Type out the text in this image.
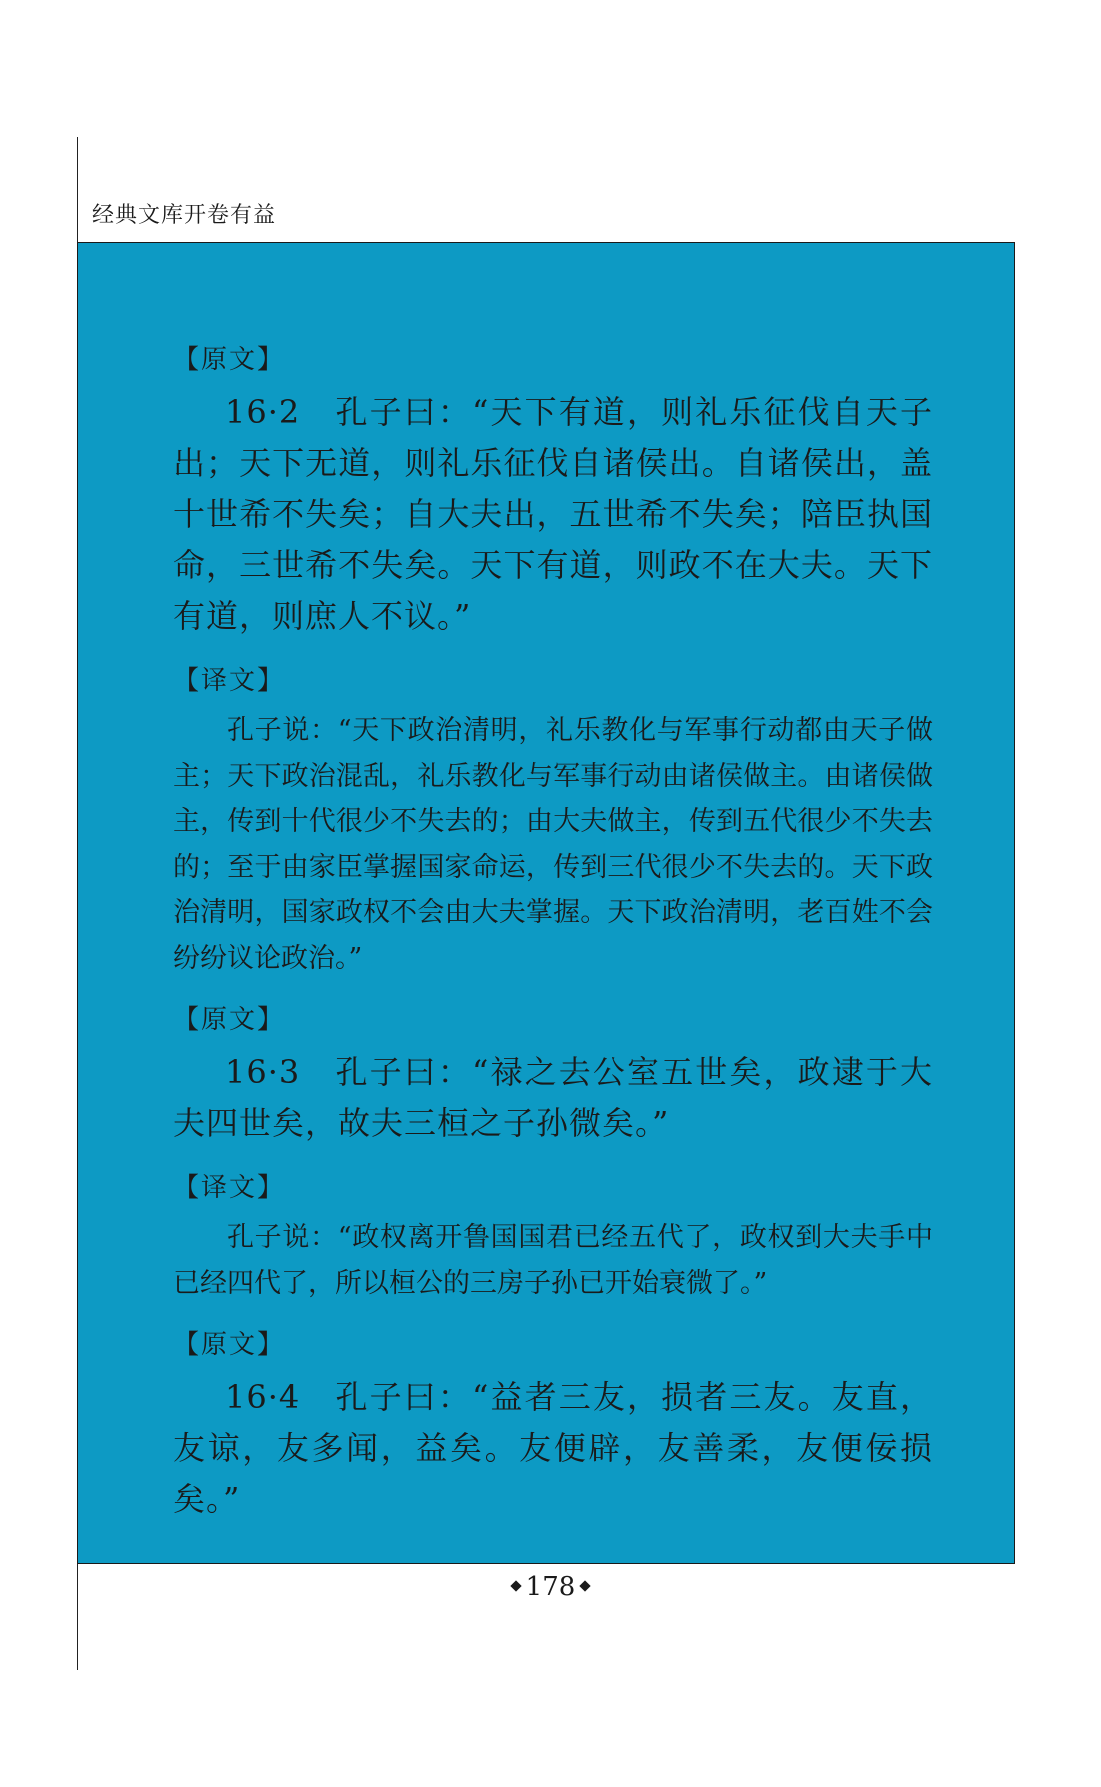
经典文库开卷有益

【原文】

16·2　孔子曰：“天下有道，则礼乐征伐自天子出；天下无道，则礼乐征伐自诸侯出。自诸侯出，盖十世希不失矣；自大夫出，五世希不失矣；陪臣执国命，三世希不失矣。天下有道，则政不在大夫。天下有道，则庶人不议。”

【译文】

孔子说：“天下政治清明，礼乐教化与军事行动都由天子做主；天下政治混乱，礼乐教化与军事行动由诸侯做主。由诸侯做主，传到十代很少不失去的；由大夫做主，传到五代很少不失去的；至于由家臣掌握国家命运，传到三代很少不失去的。天下政治清明，国家政权不会由大夫掌握。天下政治清明，老百姓不会纷纷议论政治。”

【原文】

16·3　孔子曰：“禄之去公室五世矣，政逮于大夫四世矣，故夫三桓之子孙微矣。”

【译文】

孔子说：“政权离开鲁国国君已经五代了，政权到大夫手中已经四代了，所以桓公的三房子孙已开始衰微了。”

【原文】

16·4　孔子曰：“益者三友，损者三友。友直，友谅，友多闻，益矣。友便辟，友善柔，友便佞损矣。”

178
